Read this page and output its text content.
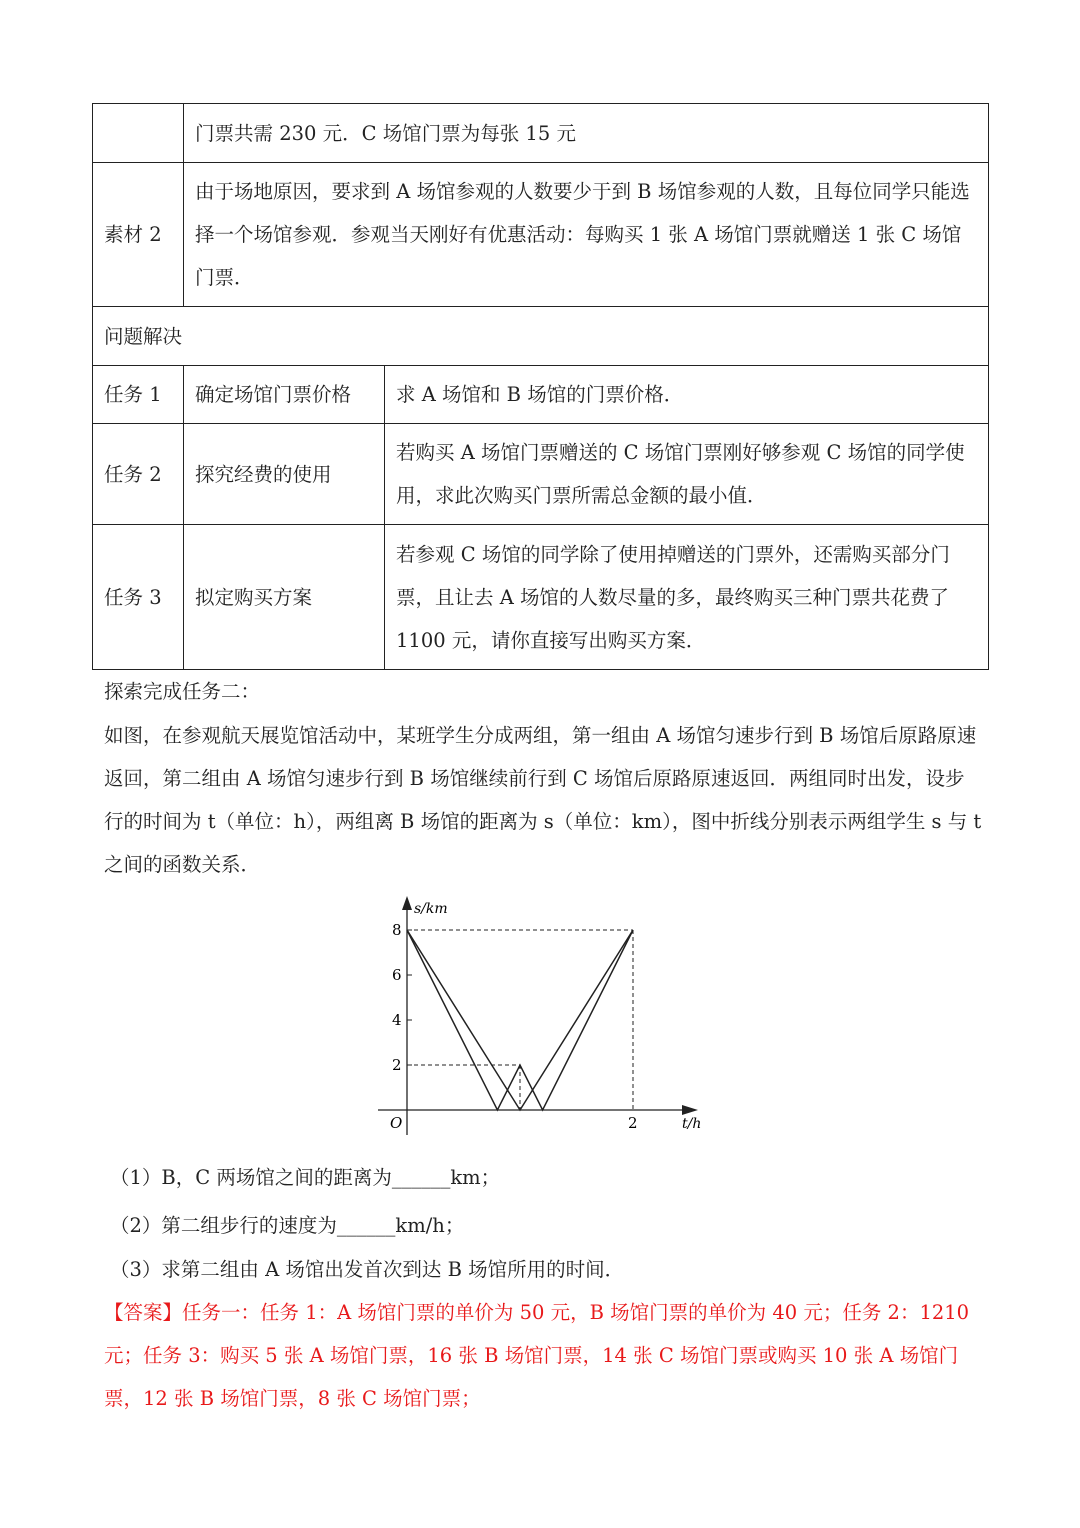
	门票共需 230 元．C 场馆门票为每张 15 元	
素材 2	由于场地原因，要求到 A 场馆参观的人数要少于到 B 场馆参观的人数，且每位同学只能选择一个场馆参观．参观当天刚好有优惠活动：每购买 1 张 A 场馆门票就赠送 1 张 C 场馆门票．	
问题解决		
任务 1	确定场馆门票价格	求 A 场馆和 B 场馆的门票价格．
任务 2	探究经费的使用	若购买 A 场馆门票赠送的 C 场馆门票刚好够参观 C 场馆的同学使用，求此次购买门票所需总金额的最小值．
任务 3	拟定购买方案	若参观 C 场馆的同学除了使用掉赠送的门票外，还需购买部分门票，且让去 A 场馆的人数尽量的多，最终购买三种门票共花费了 1100 元，请你直接写出购买方案．
探索完成任务二：
如图，在参观航天展览馆活动中，某班学生分成两组，第一组由 A 场馆匀速步行到 B 场馆后原路原速返回，第二组由 A 场馆匀速步行到 B 场馆继续前行到 C 场馆后原路原速返回．两组同时出发，设步行的时间为 t（单位：h），两组离 B 场馆的距离为 s（单位：km），图中折线分别表示两组学生 s 与 t 之间的函数关系．
s/km
t/h
O
2
4
6
8
2
（1）B，C 两场馆之间的距离为______km；
（2）第二组步行的速度为______km/h；
（3）求第二组由 A 场馆出发首次到达 B 场馆所用的时间．
【答案】任务一：任务 1：A 场馆门票的单价为 50 元，B 场馆门票的单价为 40 元；任务 2：1210 元；任务 3：购买 5 张 A 场馆门票，16 张 B 场馆门票，14 张 C 场馆门票或购买 10 张 A 场馆门票，12 张 B 场馆门票，8 张 C 场馆门票；
